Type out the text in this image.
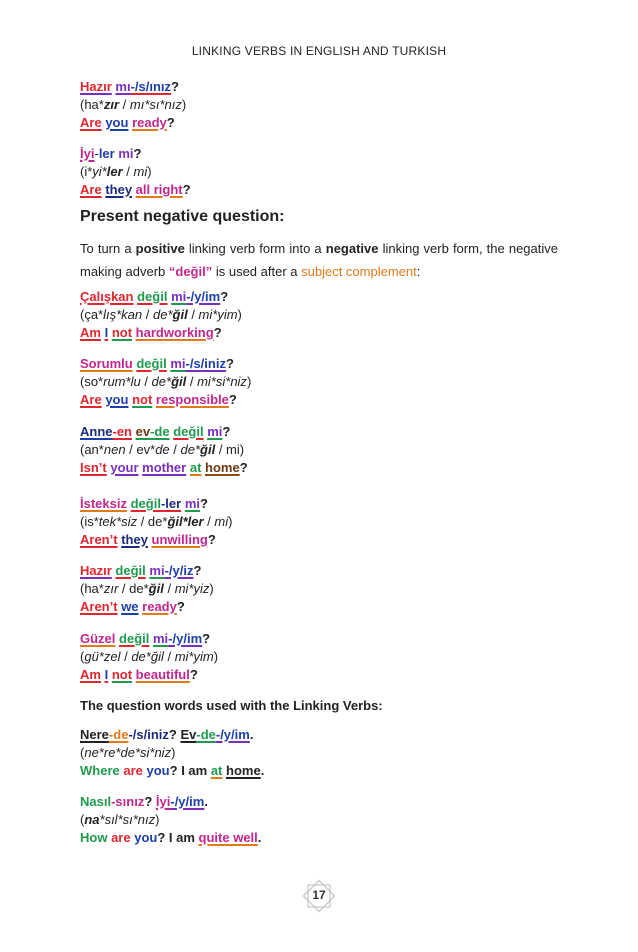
LINKING VERBS IN ENGLISH AND TURKISH
Hazır mı-/s/ınız?
(ha*zır / mı*sı*nız)
Are you ready?
İyi-ler mi?
(i*yi*ler / mi)
Are they all right?
Present negative question:
To turn a positive linking verb form into a negative linking verb form, the negative making adverb “değil” is used after a subject complement:
Çalışkan değil mi-/y/im?
(ça*lış*kan / de*ğil / mi*yim)
Am I not hardworking?
Sorumlu değil mi-/s/iniz?
(so*rum*lu / de*ğil / mi*si*niz)
Are you not responsible?
Anne-en ev-de değil mi?
(an*nen / ev*de / de*ğil / mi)
Isn’t your mother at home?
İsteksiz değil-ler mi?
(is*tek*siz / de*ğil*ler / mi)
Aren’t they unwilling?
Hazır değil mi-/y/iz?
(ha*zır / de*ğil / mi*yiz)
Aren’t we ready?
Güzel değil mi-/y/im?
(gü*zel / de*ğil / mi*yim)
Am I not beautiful?
The question words used with the Linking Verbs:
Nere-de-/s/iniz? Ev-de-/y/im.
(ne*re*de*si*niz)
Where are you? I am at home.
Nasıl-sınız? İyi-/y/im.
(na*sıl*sı*nız)
How are you? I am quite well.
17
